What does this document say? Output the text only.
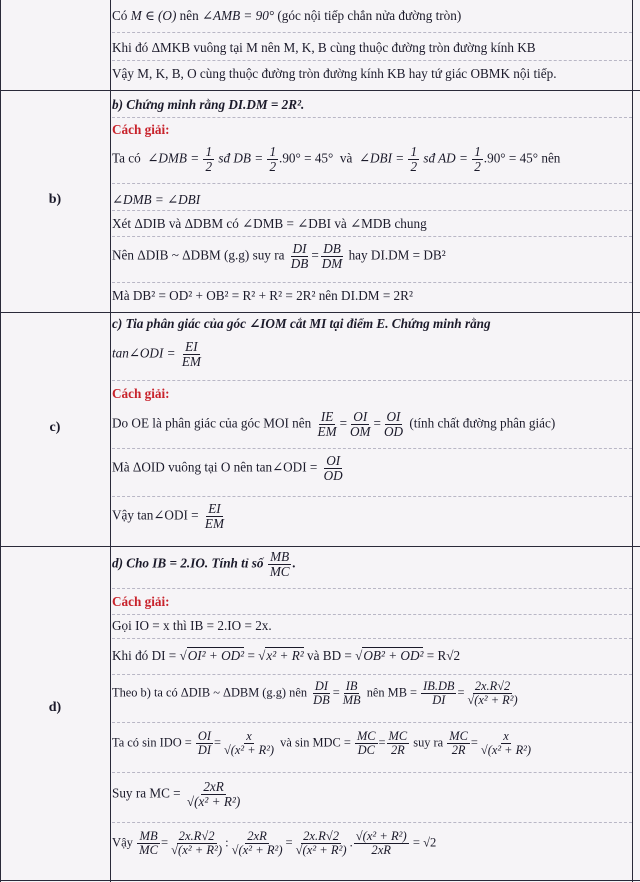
Có M ∈ (O) nên ∠AMB = 90° (góc nội tiếp chắn nửa đường tròn)
Khi đó ΔMKB vuông tại M nên M, K, B cùng thuộc đường tròn đường kính KB
Vậy M, K, B, O cùng thuộc đường tròn đường kính KB hay tứ giác OBMK nội tiếp.
b)
b) Chứng minh rằng DI.DM = 2R².
Cách giải:
Ta có ∠DMB = $\frac{1}{2}$ sđ DB = $\frac{1}{2} .90^\circ = 45^\circ$ và ∠DBI = $\frac{1}{2}$ sđ AD = $\frac{1}{2} .90^\circ = 45^\circ$ nên
∠DMB = ∠DBI
Xét ΔDIB và ΔDBM có ∠DMB = ∠DBI và ∠MDB chung
Nên ΔDIB ~ ΔDBM (g.g) suy ra $\frac{DI}{DB} = \frac{DB}{DM}$ hay DI.DM = DB²
Mà DB² = OD² + OB² = R² + R² = 2R² nên DI.DM = 2R²
c)
c) Tia phân giác của góc ∠IOM cắt MI tại điểm E. Chứng minh rằng
tan∠ODI = $\frac{EI}{EM}$
Cách giải:
Do OE là phân giác của góc MOI nên $\frac{IE}{EM} = \frac{OI}{OM} = \frac{OI}{OD}$ (tính chất đường phân giác)
Mà ΔOID vuông tại O nên tan∠ODI = $\frac{OI}{OD}$
Vậy tan∠ODI = $\frac{EI}{EM}$
d)
d) Cho IB = 2.IO. Tính tỉ số $\frac{MB}{MC}$ .
Cách giải:
Gọi IO = x thì IB = 2.IO = 2x.
Khi đó DI = √ OI² + OD² = √ x² + R² và BD = √ OB² + OD² = R√2
Theo b) ta có ΔDIB ~ ΔDBM (g.g) nên $\frac{DI}{DB} = \frac{IB}{MB}$ nên MB = $\frac{IB.DB}{DI} = \frac{2x.R√2}{\text{√(x² + R²)}}$
Ta có sin IDO = $\frac{OI}{DI} = \frac{x}{\text{√(x² + R²)}}$ và sin MDC = $\frac{MC}{DC} = \frac{MC}{2R}$ suy ra $\frac{MC}{2R} = \frac{x}{\text{√(x² + R²)}}$
Suy ra MC = $\frac{2xR}{\text{√(x² + R²)}}$
Vậy $\frac{MB}{MC} = \frac{2x.R√2}{\text{√(x² + R²)}}$ : $\frac{2xR}{\text{√(x² + R²)}} = \frac{2x.R√2}{\text{√(x² + R²)}}$ . $\frac{\text{√(x² + R²)}}{2xR} = √2$
